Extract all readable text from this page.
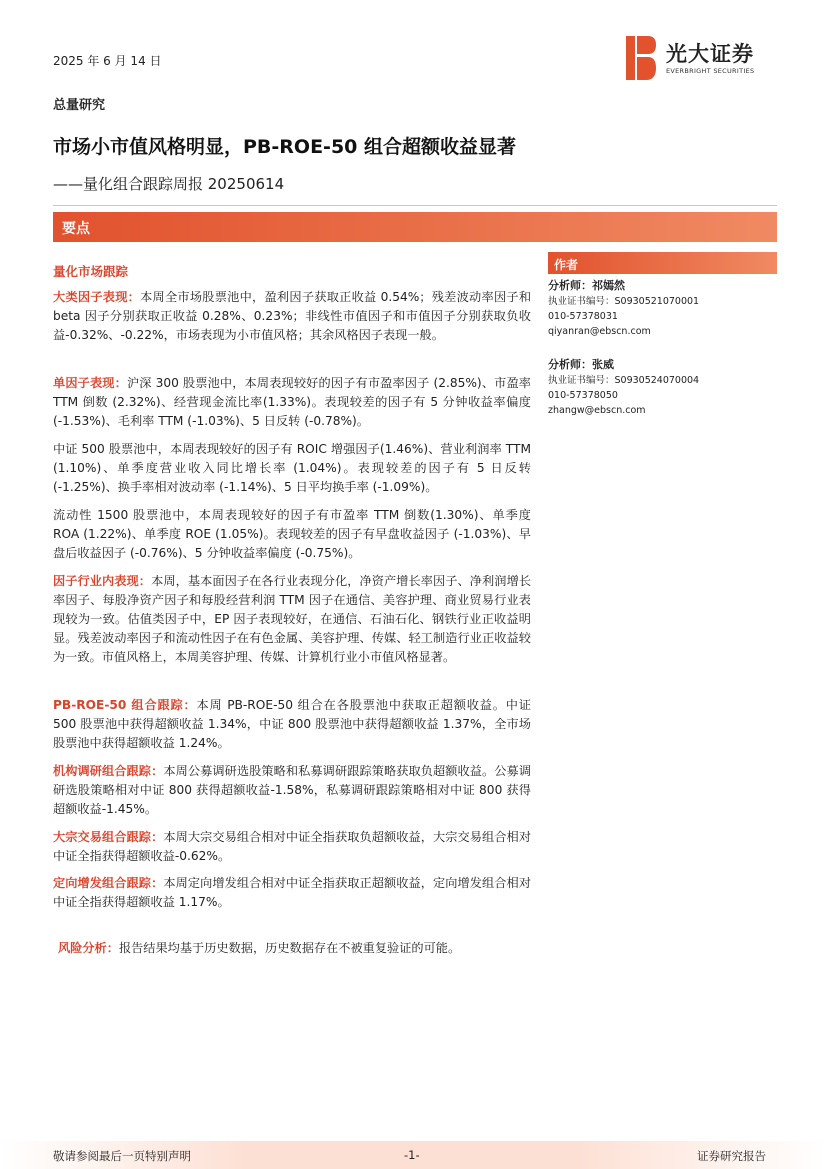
2025 年 6 月 14 日	光大证券
EVERBRIGHT SECURITIES
总量研究
市场小市值风格明显，PB-ROE-50 组合超额收益显著
——量化组合跟踪周报 20250614
要点
量化市场跟踪
大类因子表现：本周全市场股票池中，盈利因子获取正收益 0.54%；残差波动率因子和 beta 因子分别获取正收益 0.28%、0.23%；非线性市值因子和市值因子分别获取负收益-0.32%、-0.22%，市场表现为小市值风格；其余风格因子表现一般。
单因子表现：沪深 300 股票池中，本周表现较好的因子有市盈率因子 (2.85%)、市盈率 TTM 倒数 (2.32%)、经营现金流比率(1.33%)。表现较差的因子有 5 分钟收益率偏度(-1.53%)、毛利率 TTM (-1.03%)、5 日反转 (-0.78%)。
中证 500 股票池中，本周表现较好的因子有 ROIC 增强因子(1.46%)、营业利润率 TTM (1.10%)、单季度营业收入同比增长率 (1.04%)。表现较差的因子有 5 日反转(-1.25%)、换手率相对波动率 (-1.14%)、5 日平均换手率 (-1.09%)。
流动性 1500 股票池中，本周表现较好的因子有市盈率 TTM 倒数(1.30%)、单季度 ROA (1.22%)、单季度 ROE (1.05%)。表现较差的因子有早盘收益因子 (-1.03%)、早盘后收益因子 (-0.76%)、5 分钟收益率偏度 (-0.75%)。
因子行业内表现：本周，基本面因子在各行业表现分化，净资产增长率因子、净利润增长率因子、每股净资产因子和每股经营利润 TTM 因子在通信、美容护理、商业贸易行业表现较为一致。估值类因子中，EP 因子表现较好，在通信、石油石化、钢铁行业正收益明显。残差波动率因子和流动性因子在有色金属、美容护理、传媒、轻工制造行业正收益较为一致。市值风格上，本周美容护理、传媒、计算机行业小市值风格显著。
PB-ROE-50 组合跟踪：本周 PB-ROE-50 组合在各股票池中获取正超额收益。中证 500 股票池中获得超额收益 1.34%，中证 800 股票池中获得超额收益 1.37%，全市场股票池中获得超额收益 1.24%。
机构调研组合跟踪：本周公募调研选股策略和私募调研跟踪策略获取负超额收益。公募调研选股策略相对中证 800 获得超额收益-1.58%，私募调研跟踪策略相对中证 800 获得超额收益-1.45%。
大宗交易组合跟踪：本周大宗交易组合相对中证全指获取负超额收益，大宗交易组合相对中证全指获得超额收益-0.62%。
定向增发组合跟踪：本周定向增发组合相对中证全指获取正超额收益，定向增发组合相对中证全指获得超额收益 1.17%。
风险分析：报告结果均基于历史数据，历史数据存在不被重复验证的可能。
作者
分析师：祁嫣然
执业证书编号：S0930521070001
010-57378031
qiyanran@ebscn.com
分析师：张威
执业证书编号：S0930524070004
010-57378050
zhangw@ebscn.com
敬请参阅最后一页特别声明	-1-	证券研究报告
